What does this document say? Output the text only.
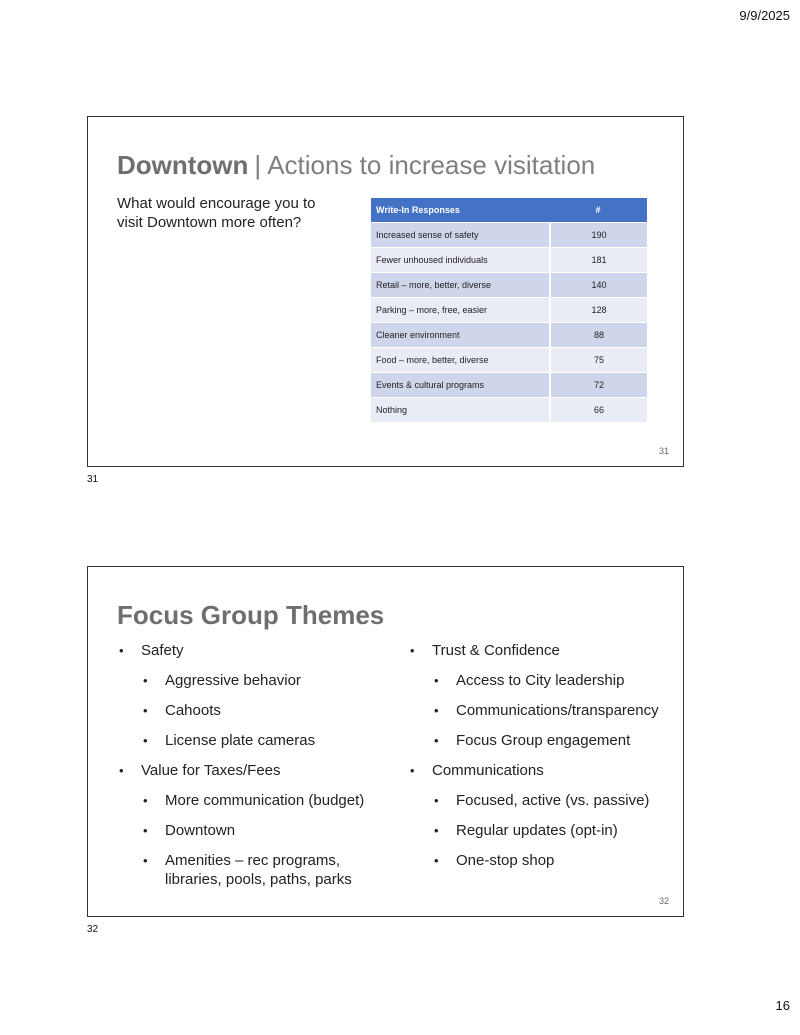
9/9/2025
Downtown | Actions to increase visitation
What would encourage you to visit Downtown more often?
Write-In Responses	#
Increased sense of safety	190
Fewer unhoused individuals	181
Retail – more, better, diverse	140
Parking – more, free, easier	128
Cleaner environment	88
Food – more, better, diverse	75
Events & cultural programs	72
Nothing	66
31
31
Focus Group Themes
• Safety
• Aggressive behavior
• Cahoots
• License plate cameras
• Value for Taxes/Fees
• More communication (budget)
• Downtown
• Amenities – rec programs, libraries, pools, paths, parks
• Trust & Confidence
• Access to City leadership
• Communications/transparency
• Focus Group engagement
• Communications
• Focused, active (vs. passive)
• Regular updates (opt-in)
• One-stop shop
32
32
16
